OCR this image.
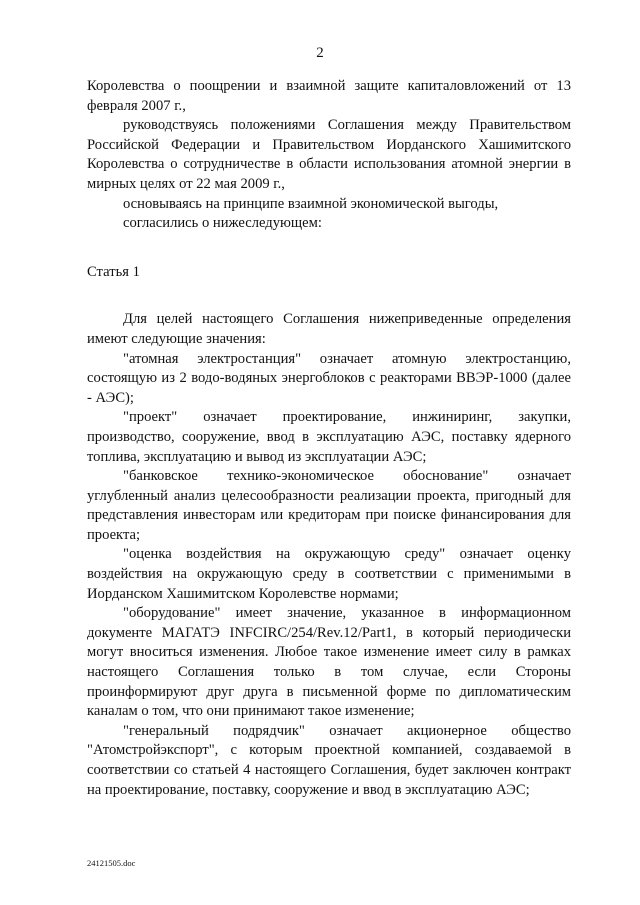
2

Королевства о поощрении и взаимной защите капиталовложений от 13 февраля 2007 г.,

руководствуясь положениями Соглашения между Правительством Российской Федерации и Правительством Иорданского Хашимитского Королевства о сотрудничестве в области использования атомной энергии в мирных целях от 22 мая 2009 г.,

основываясь на принципе взаимной экономической выгоды,

согласились о нижеследующем:

Статья 1

Для целей настоящего Соглашения нижеприведенные определения имеют следующие значения:

"атомная электростанция" означает атомную электростанцию, состоящую из 2 водо-водяных энергоблоков с реакторами ВВЭР-1000 (далее - АЭС);

"проект" означает проектирование, инжиниринг, закупки, производство, сооружение, ввод в эксплуатацию АЭС, поставку ядерного топлива, эксплуатацию и вывод из эксплуатации АЭС;

"банковское технико-экономическое обоснование" означает углубленный анализ целесообразности реализации проекта, пригодный для представления инвесторам или кредиторам при поиске финансирования для проекта;

"оценка воздействия на окружающую среду" означает оценку воздействия на окружающую среду в соответствии с применимыми в Иорданском Хашимитском Королевстве нормами;

"оборудование" имеет значение, указанное в информационном документе МАГАТЭ INFCIRC/254/Rev.12/Part1, в который периодически могут вноситься изменения. Любое такое изменение имеет силу в рамках настоящего Соглашения только в том случае, если Стороны проинформируют друг друга в письменной форме по дипломатическим каналам о том, что они принимают такое изменение;

"генеральный подрядчик" означает акционерное общество "Атомстройэкспорт", с которым проектной компанией, создаваемой в соответствии со статьей 4 настоящего Соглашения, будет заключен контракт на проектирование, поставку, сооружение и ввод в эксплуатацию АЭС;

24121505.doc
